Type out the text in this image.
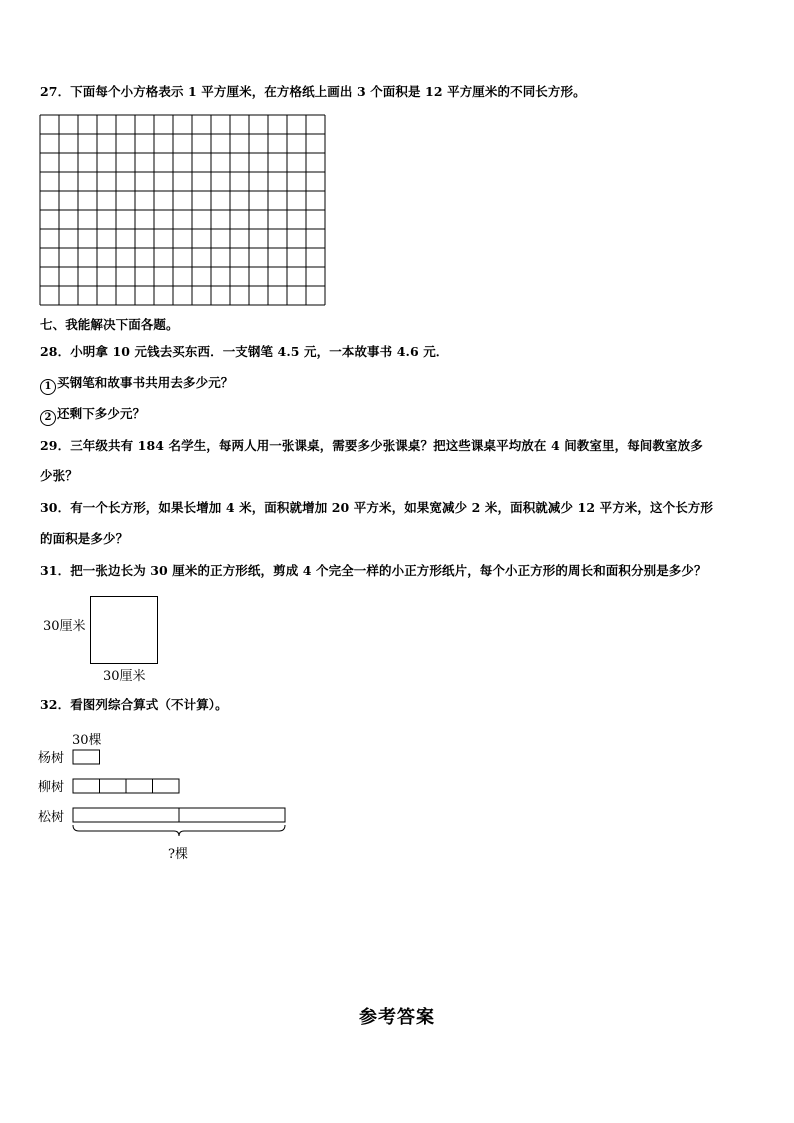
27．下面每个小方格表示 1 平方厘米，在方格纸上画出 3 个面积是 12 平方厘米的不同长方形。
七、我能解决下面各题。
28．小明拿 10 元钱去买东西．一支钢笔 4.5 元，一本故事书 4.6 元．
1 买钢笔和故事书共用去多少元？
2 还剩下多少元？
29．三年级共有 184 名学生，每两人用一张课桌，需要多少张课桌？把这些课桌平均放在 4 间教室里，每间教室放多
少张？
30．有一个长方形，如果长增加 4 米，面积就增加 20 平方米，如果宽减少 2 米，面积就减少 12 平方米，这个长方形
的面积是多少？
31．把一张边长为 30 厘米的正方形纸，剪成 4 个完全一样的小正方形纸片，每个小正方形的周长和面积分别是多少？
30厘米
30厘米
32．看图列综合算式（不计算）。
30棵
杨树
柳树
松树
?棵
参考答案
